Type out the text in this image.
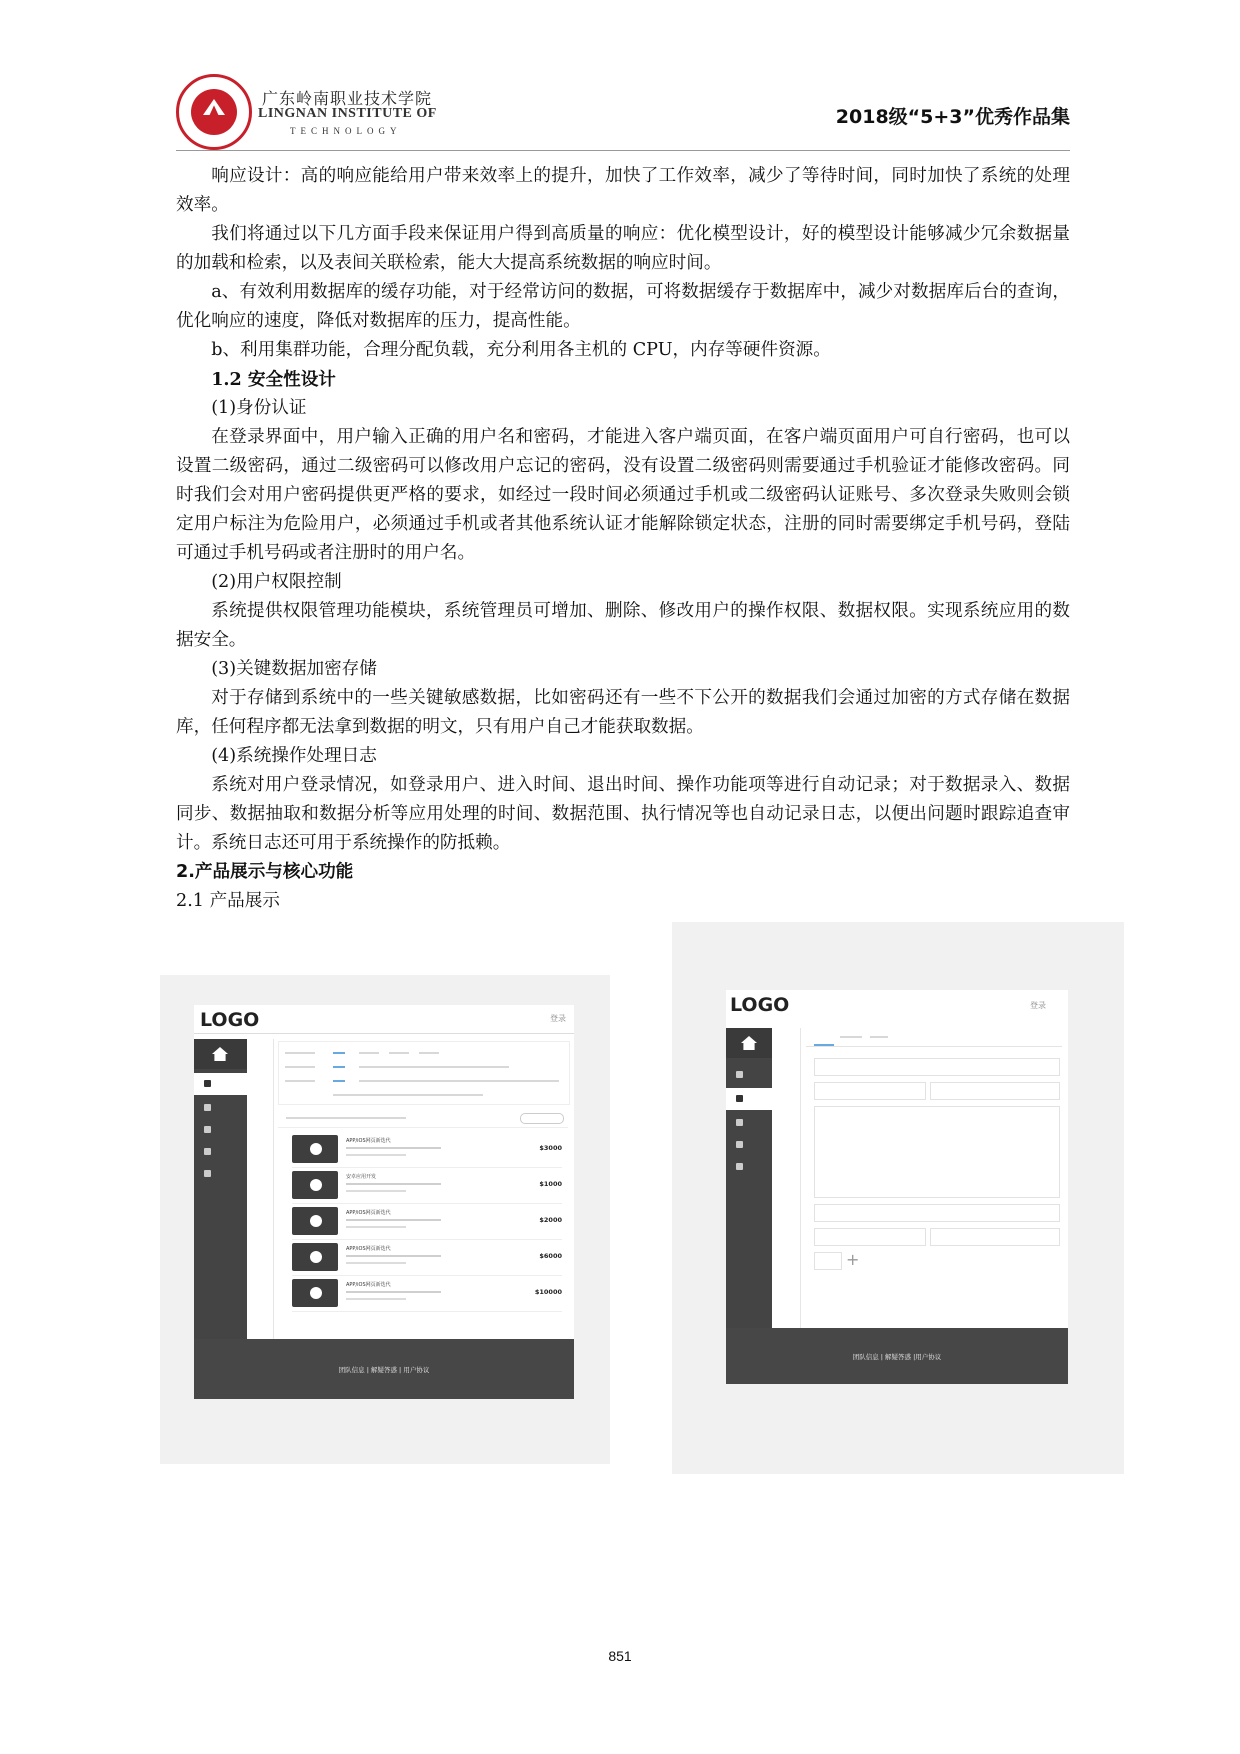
广东岭南职业技术学院
LINGNAN INSTITUTE OF
TECHNOLOGY
2018级“5+3”优秀作品集

响应设计：高的响应能给用户带来效率上的提升，加快了工作效率，减少了等待时间，同时加快了系统的处理效率。

我们将通过以下几方面手段来保证用户得到高质量的响应：优化模型设计，好的模型设计能够减少冗余数据量的加载和检索，以及表间关联检索，能大大提高系统数据的响应时间。

a、有效利用数据库的缓存功能，对于经常访问的数据，可将数据缓存于数据库中，减少对数据库后台的查询，优化响应的速度，降低对数据库的压力，提高性能。

b、利用集群功能，合理分配负载，充分利用各主机的 CPU，内存等硬件资源。

1.2 安全性设计

(1)身份认证

在登录界面中，用户输入正确的用户名和密码，才能进入客户端页面，在客户端页面用户可自行密码，也可以设置二级密码，通过二级密码可以修改用户忘记的密码，没有设置二级密码则需要通过手机验证才能修改密码。同时我们会对用户密码提供更严格的要求，如经过一段时间必须通过手机或二级密码认证账号、多次登录失败则会锁定用户标注为危险用户，必须通过手机或者其他系统认证才能解除锁定状态，注册的同时需要绑定手机号码，登陆可通过手机号码或者注册时的用户名。

(2)用户权限控制

系统提供权限管理功能模块，系统管理员可增加、删除、修改用户的操作权限、数据权限。实现系统应用的数据安全。

(3)关键数据加密存储

对于存储到系统中的一些关键敏感数据，比如密码还有一些不下公开的数据我们会通过加密的方式存储在数据库，任何程序都无法拿到数据的明文，只有用户自己才能获取数据。

(4)系统操作处理日志

系统对用户登录情况，如登录用户、进入时间、退出时间、操作功能项等进行自动记录；对于数据录入、数据同步、数据抽取和数据分析等应用处理的时间、数据范围、执行情况等也自动记录日志，以便出问题时跟踪追查审计。系统日志还可用于系统操作的防抵赖。

2.产品展示与核心功能

2.1 产品展示

LOGO	登录
APP/iOS网页新迭代
$3000
安卓应用开发
$1000
APP/iOS网页新迭代
$2000
APP/iOS网页新迭代
$6000
APP/iOS网页新迭代
$10000
团队信息 | 解疑答惑 | 用户协议
LOGO	登录
+
团队信息 | 解疑答惑 |用户协议
851
